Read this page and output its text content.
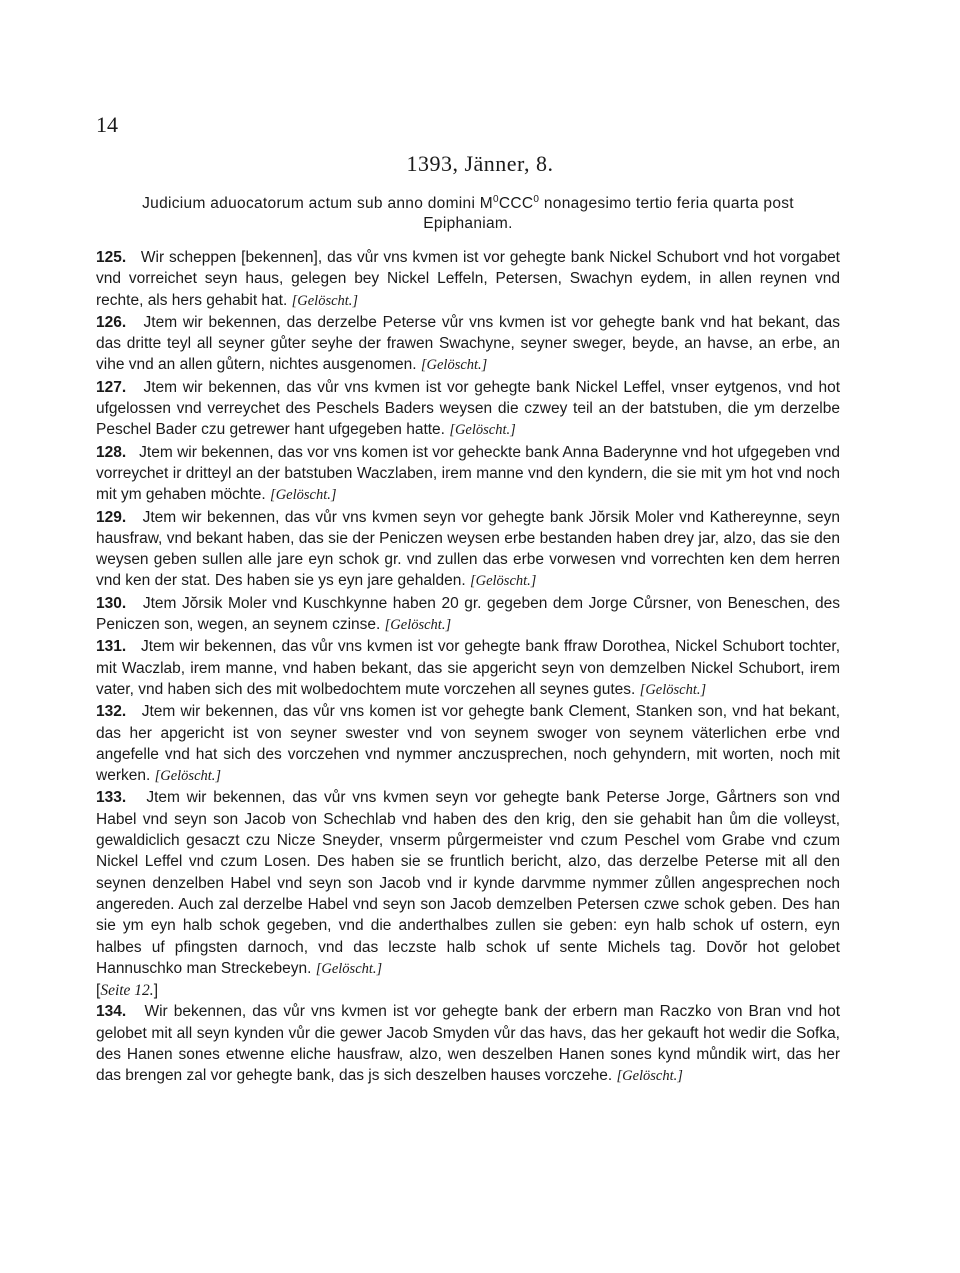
14
1393, Jänner, 8.
Judicium aduocatorum actum sub anno domini $M^0CCC^0$ nonagesimo tertio feria quarta post Epiphaniam.

125. Wir scheppen [bekennen], das vůr vns kvmen ist vor gehegte bank Nickel Schubort vnd hot vorgabet vnd vorreichet seyn haus, gelegen bey Nickel Leffeln, Petersen, Swachyn eydem, in allen reynen vnd rechte, als hers gehabit hat. [Gelöscht.]

126. Jtem wir bekennen, das derzelbe Peterse vůr vns kvmen ist vor gehegte bank vnd hat bekant, das das dritte teyl all seyner gůter seyhe der frawen Swachyne, seyner sweger, beyde, an havse, an erbe, an vihe vnd an allen gůtern, nichtes ausgenomen. [Gelöscht.]

127. Jtem wir bekennen, das vůr vns kvmen ist vor gehegte bank Nickel Leffel, vnser eytgenos, vnd hot ufgelossen vnd verreychet des Peschels Baders weysen die czwey teil an der batstuben, die ym derzelbe Peschel Bader czu getrewer hant ufgegeben hatte. [Gelöscht.]

128. Jtem wir bekennen, das vor vns komen ist vor geheckte bank Anna Baderynne vnd hot ufgegeben vnd vorreychet ir dritteyl an der batstuben Waczlaben, irem manne vnd den kyndern, die sie mit ym hot vnd noch mit ym gehaben möchte. [Gelöscht.]

129. Jtem wir bekennen, das vůr vns kvmen seyn vor gehegte bank Jŏrsik Moler vnd Kathereynne, seyn hausfraw, vnd bekant haben, das sie der Peniczen weysen erbe bestanden haben drey jar, alzo, das sie den weysen geben sullen alle jare eyn schok gr. vnd zullen das erbe vorwesen vnd vorrechten ken dem herren vnd ken der stat. Des haben sie ys eyn jare gehalden. [Gelöscht.]

130. Jtem Jŏrsik Moler vnd Kuschkynne haben 20 gr. gegeben dem Jorge Cůrsner, von Beneschen, des Peniczen son, wegen, an seynem czinse. [Gelöscht.]

131. Jtem wir bekennen, das vůr vns kvmen ist vor gehegte bank ffraw Dorothea, Nickel Schubort tochter, mit Waczlab, irem manne, vnd haben bekant, das sie apgericht seyn von demzelben Nickel Schubort, irem vater, vnd haben sich des mit wolbedochtem mute vorczehen all seynes gutes. [Gelöscht.]

132. Jtem wir bekennen, das vůr vns komen ist vor gehegte bank Clement, Stanken son, vnd hat bekant, das her apgericht ist von seyner swester vnd von seynem swoger von seynem väterlichen erbe vnd angefelle vnd hat sich des vorczehen vnd nymmer anczusprechen, noch gehyndern, mit worten, noch mit werken. [Gelöscht.]

133. Jtem wir bekennen, das vůr vns kvmen seyn vor gehegte bank Peterse Jorge, Gårtners son vnd Habel vnd seyn son Jacob von Schechlab vnd haben des den krig, den sie gehabit han ům die volleyst, gewaldiclich gesaczt czu Nicze Sneyder, vnserm půrgermeister vnd czum Peschel vom Grabe vnd czum Nickel Leffel vnd czum Losen. Des haben sie se fruntlich bericht, alzo, das derzelbe Peterse mit all den seynen denzelben Habel vnd seyn son Jacob vnd ir kynde darvmme nymmer zůllen angesprechen noch angereden. Auch zal derzelbe Habel vnd seyn son Jacob demzelben Petersen czwe schok geben. Des han sie ym eyn halb schok gegeben, vnd die anderthalbes zullen sie geben: eyn halb schok uf ostern, eyn halbes uf pfingsten darnoch, vnd das leczste halb schok uf sente Michels tag. Dovŏr hot gelobet Hannuschko man Streckebeyn. [Gelöscht.]
[Seite 12.]

134. Wir bekennen, das vůr vns kvmen ist vor gehegte bank der erbern man Raczko von Bran vnd hot gelobet mit all seyn kynden vůr die gewer Jacob Smyden vůr das havs, das her gekauft hot wedir die Sofka, des Hanen sones etwenne eliche hausfraw, alzo, wen deszelben Hanen sones kynd můndik wirt, das her das brengen zal vor gehegte bank, das js sich deszelben hauses vorczehe. [Gelöscht.]
